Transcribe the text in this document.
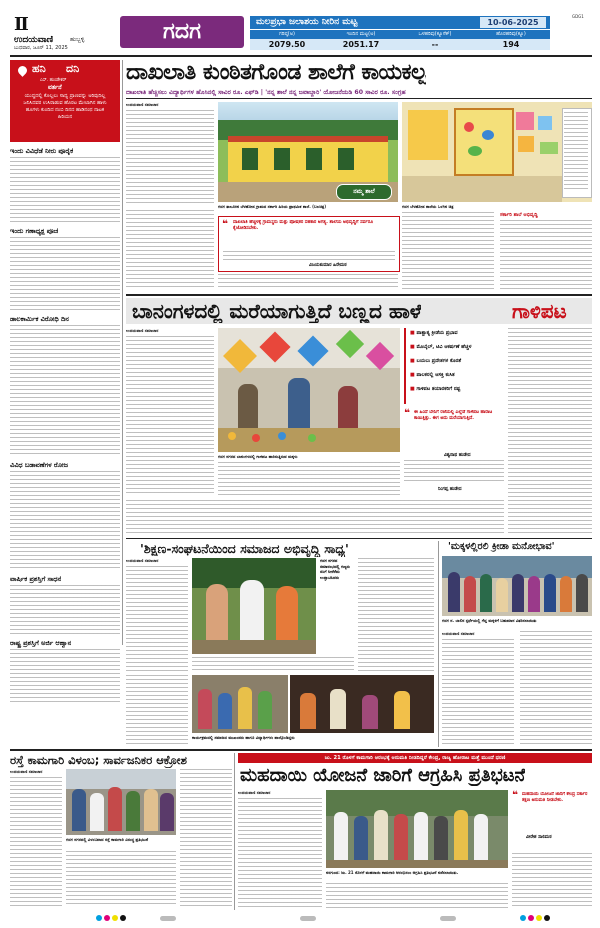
II
ಉದಯವಾಣಿ	ಹುಬ್ಬಳ್ಳಿ
ಬುಧವಾರ, ಜೂನ್ 11, 2025
ಗದಗ	ಮಲಪ್ರಭಾ ಜಲಾಶಯ ನೀರಿನ ಮಟ್ಟ	10-06-2025
GDG1
ಗರಿಷ್ಠ(ಅ)	ಇಂದಿನ ಮಟ್ಟ(ಅ)	ಒಳಹರಿವು(ಕ್ಯೂಸೆಕ್)	ಹೊರಹರಿವು(ಕ್ಯೂ)
2079.50	2051.17	--	194
ಹನಿ ದನಿ
ಎಸ್. ಹುಂಡೇಕರ್
ವರ್ತನೆ
ಯುದ್ಧದಲ್ಲಿ ಕೊಲ್ಲಲು ಸಾಧ್ಯ ಪ್ರಾಣವನ್ನು ಅರಿವುದಿಲ್ಲ ಜನಿಸಿದವರ ಉಸಿರಾಡುವ ಹೊರಟ ಮೇಲಾಗಿನ ಹಾಳು ಹೂಗಳು ಕುಂದಿದ ನಂಬಿ ದಿನದ ಹಾಡಿನಂಥ ನಾಟಕ ಹಿರಿಯನ
ಇಂದು ವಿವಿಧೆಡೆ ನೀರು ಪೂರೈಕೆ
ಇಂದು ಗಣಾಧ್ಯಕ್ಷ ಪೂಜೆ
ಡಾಲಕಾರ್ಮಿಕ ವಿರೋಧಿ ದಿನ
ವಿವಿಧ ಬಡಾವಣೆಗಳ ರೋಜ
ವಾರ್ಷಿಕ ಪ್ರಶಸ್ತಿಗೆ ಸಾಧನೆ
ರಾಷ್ಟ್ರ ಪ್ರಶಸ್ತಿಗೆ ಅರ್ಜಿ ಆಹ್ವಾನ
ದಾಖಲಾತಿ ಕುಂಠಿತಗೊಂಡ ಶಾಲೆಗೆ ಕಾಯಕಲ್ಪ
ದಾಖಲಾತಿ ಹೆಚ್ಚಿಸಲು ವಿದ್ಯಾರ್ಥಿಗಳ ಹೊಸಿನಲ್ಲಿ ಸಾವಿರ ರೂ. ಎಫ್‌ಡಿ | 'ನನ್ನ ಶಾಲೆ ನನ್ನ ಜವಾಬ್ದಾರಿ' ಯೋಜನೆಯಡಿ 60 ಸಾವಿರ ರೂ. ಸಂಗ್ರಹ
ಉದಯವಾಣಿ ಸಮಾಚಾರ
ನಮ್ಮ ಶಾಲೆ
ಗದಗ ತಾಲೂಕಿನ ಬೆಳಹೋಡ ಗ್ರಾಮದ ಸರ್ಕಾರಿ ಹಿರಿಯ ಪ್ರಾಥಮಿಕ ಶಾಲೆ. (ಬಲಚಿತ್ರ)
❝ ದಾಖಲಾತಿ ಹೆಚ್ಚಳಕ್ಕೆ ಗ್ರಾಮಸ್ಥರು ಮತ್ತು ಪೋಷಕರ ಸಹಕಾರ ಅಗತ್ಯ. ಶಾಲೆಯ ಅಭಿವೃದ್ಧಿಗೆ ಸರ್ವರೂ ಕೈಜೋಡಿಸಬೇಕು.
ವಿಜಯಕುಮಾರ ಹಿರೇಮಠ
ಗದಗ ಬೆಳಹೋಡ ಶಾಲೆಯ ಒಳಗಿನ ಚಿತ್ರ
ಸರ್ಕಾರಿ ಶಾಲೆ ಅಭಿವೃದ್ಧಿ
ಬಾನಂಗಳದಲ್ಲಿ ಮರೆಯಾಗುತ್ತಿದೆ ಬಣ್ಣದ ಹಾಳೆ	ಗಾಳಿಪಟ
ಉದಯವಾಣಿ ಸಮಾಚಾರ
ಗದಗ ನಗರದ ಬಾನಂಗಳದಲ್ಲಿ ಗಾಳಿಪಟ ಹಾರಿಸುತ್ತಿರುವ ಮಕ್ಕಳು
■ ಪಾಶ್ಚಾತ್ಯ ಕ್ರೀಡೆಯ ಪ್ರಭಾವ
■ ಮೊಬೈಲ್, ಟಿವಿ ಆಕರ್ಷಣೆ ಹೆಚ್ಚಳ
■ ಬಯಲು ಪ್ರದೇಶಗಳ ಕೊರತೆ
■ ಪಾಲಕರಲ್ಲಿ ಆಸಕ್ತಿ ಕುಸಿತ
■ ಗಾಳಿಪಟ ತಯಾರಕರಿಗೆ ನಷ್ಟ
❝ ಈ ಹಿಂದೆ ಬೇಸಿಗೆ ರಜೆಯಲ್ಲಿ ಎಲ್ಲೆಡೆ ಗಾಳಿಪಟ ಹಾರಾಟ ಕಾಣುತ್ತಿತ್ತು. ಈಗ ಅದು ಮರೆಯಾಗುತ್ತಿದೆ.
ವಿಶ್ವನಾಥ ಹುಡೇದ
ನಿಂಗಪ್ಪ ಹುಡೇದ
'ಶಿಕ್ಷಣ-ಸಂಘಟನೆಯಿಂದ ಸಮಾಜದ ಅಭಿವೃದ್ಧಿ ಸಾಧ್ಯ'
ಉದಯವಾಣಿ ಸಮಾಚಾರ	ಗದಗ ನಗರದ ಸಮಾರಂಭದಲ್ಲಿ ಗಣ್ಯರು ಸಸಿಗೆ ನೀರೆರೆದು ಉದ್ಘಾಟಿಸಿದರು
ಕಾರ್ಯಕ್ರಮದಲ್ಲಿ ಸಮಾಜದ ಮುಖಂಡರು ಹಾಗೂ ವಿದ್ಯಾರ್ಥಿಗಳು ಪಾಲ್ಗೊಂಡಿದ್ದರು
'ಮಕ್ಕಳಲ್ಲಿರಲಿ ಕ್ರೀಡಾ ಮನೋಭಾವ'
ಗದಗ ನ. ಬಾಲಿನ ಸ್ಪರ್ಧೆಯಲ್ಲಿ ಗೆದ್ದ ಮಕ್ಕಳಿಗೆ ಬಹುಮಾನ ವಿತರಿಸಲಾಯಿತು
ಉದಯವಾಣಿ ಸಮಾಚಾರ
ರಸ್ತೆ ಕಾಮಗಾರಿ ವಿಳಂಬ; ಸಾರ್ವಜನಿಕರ ಆಕ್ರೋಶ
ಉದಯವಾಣಿ ಸಮಾಚಾರ
ಗದಗ ನಗರದಲ್ಲಿ ವಿಳಂಬವಾದ ರಸ್ತೆ ಕಾಮಗಾರಿ ವಿರುದ್ಧ ಪ್ರತಿಭಟನೆ
ಜು. 21 ರೊಳಗೆ ಕಾಮಗಾರಿ ಆರಂಭಕ್ಕೆ ಅನುಮತಿ ನೀಡದಿದ್ದರೆ ಕೇಂದ್ರ, ರಾಜ್ಯ ಹೋರಾಟ ಮತ್ತೆ ಮುಂದೆ ಧರಣಿ
ಮಹದಾಯಿ ಯೋಜನೆ ಜಾರಿಗೆ ಆಗ್ರಹಿಸಿ ಪ್ರತಿಭಟನೆ
ಉದಯವಾಣಿ ಸಮಾಚಾರ
ನರಗುಂದ: ಜು. 21 ರೊಳಗೆ ಮಹದಾಯಿ ಕಾಮಗಾರಿ ಆರಂಭಿಸಲು ಆಗ್ರಹಿಸಿ ಪ್ರತಿಭಟನೆ ನಡೆಸಲಾಯಿತು.
❝ ಮಹದಾಯಿ ಯೋಜನೆ ಜಾರಿಗೆ ಕೇಂದ್ರ ಸರ್ಕಾರ ತಕ್ಷಣ ಅನುಮತಿ ನೀಡಬೇಕು.
ವೀರೇಶ ಸಾಲಿಮಠ
